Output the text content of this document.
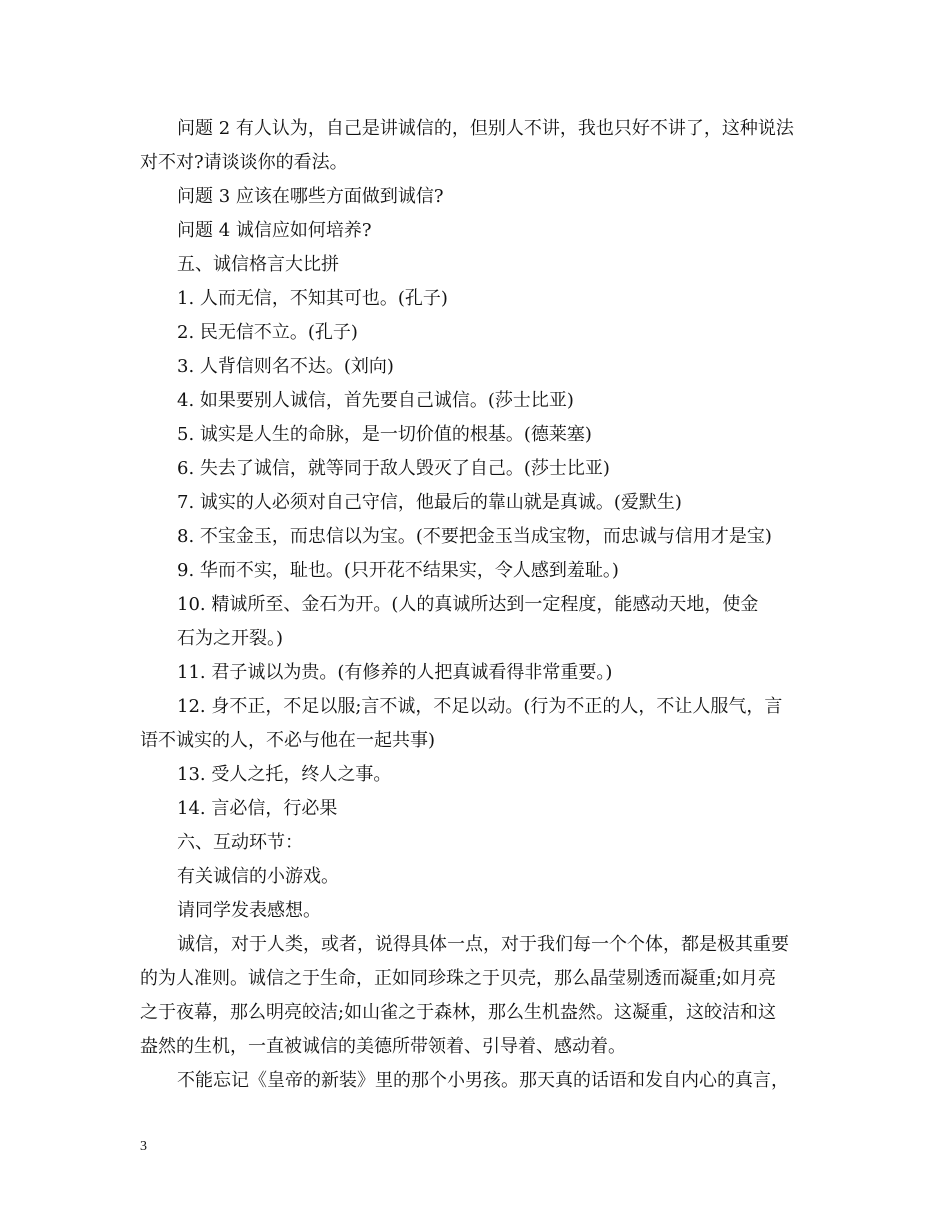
问题 2 有人认为，自己是讲诚信的，但别人不讲，我也只好不讲了，这种说法
对不对?请谈谈你的看法。
问题 3 应该在哪些方面做到诚信?
问题 4 诚信应如何培养?
五、诚信格言大比拼
1. 人而无信，不知其可也。(孔子)
2. 民无信不立。(孔子)
3. 人背信则名不达。(刘向)
4. 如果要别人诚信，首先要自己诚信。(莎士比亚)
5. 诚实是人生的命脉，是一切价值的根基。(德莱塞)
6. 失去了诚信，就等同于敌人毁灭了自己。(莎士比亚)
7. 诚实的人必须对自己守信，他最后的靠山就是真诚。(爱默生)
8. 不宝金玉，而忠信以为宝。(不要把金玉当成宝物，而忠诚与信用才是宝)
9. 华而不实，耻也。(只开花不结果实，令人感到羞耻。)
10. 精诚所至、金石为开。(人的真诚所达到一定程度，能感动天地，使金
石为之开裂。)
11. 君子诚以为贵。(有修养的人把真诚看得非常重要。)
12. 身不正，不足以服;言不诚，不足以动。(行为不正的人，不让人服气，言
语不诚实的人，不必与他在一起共事)
13. 受人之托，终人之事。
14. 言必信，行必果
六、互动环节：
有关诚信的小游戏。
请同学发表感想。
诚信，对于人类，或者，说得具体一点，对于我们每一个个体，都是极其重要
的为人准则。诚信之于生命，正如同珍珠之于贝壳，那么晶莹剔透而凝重;如月亮
之于夜幕，那么明亮皎洁;如山雀之于森林，那么生机盎然。这凝重，这皎洁和这
盎然的生机，一直被诚信的美德所带领着、引导着、感动着。
不能忘记《皇帝的新装》里的那个小男孩。那天真的话语和发自内心的真言，
3
